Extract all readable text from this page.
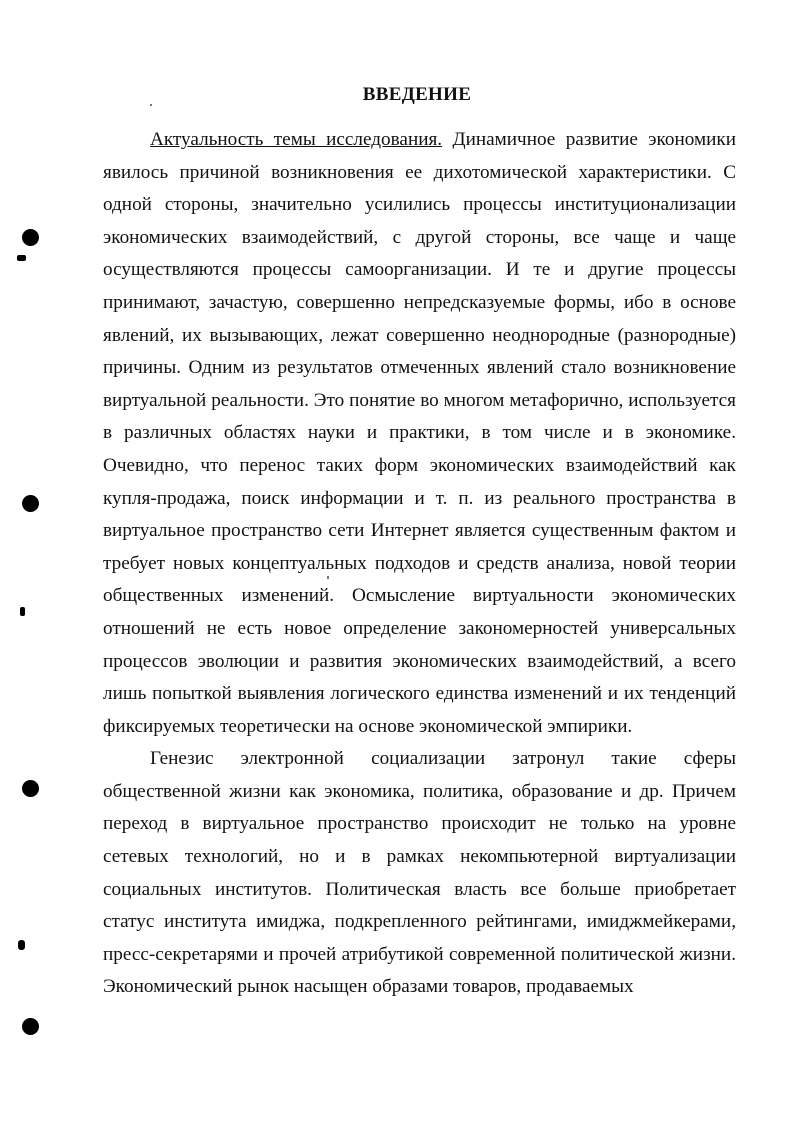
ВВЕДЕНИЕ

Актуальность темы исследования. Динамичное развитие экономики явилось причиной возникновения ее дихотомической характеристики. С одной стороны, значительно усилились процессы институционализации экономических взаимодействий, с другой стороны, все чаще и чаще осуществляются процессы самоорганизации. И те и другие процессы принимают, зачастую, совершенно непредсказуемые формы, ибо в основе явлений, их вызывающих, лежат совершенно неоднородные (разнородные) причины. Одним из результатов отмеченных явлений стало возникновение виртуальной реальности. Это понятие во многом метафорично, используется в различных областях науки и практики, в том числе и в экономике. Очевидно, что перенос таких форм экономических взаимодействий как купля-продажа, поиск информации и т. п. из реального пространства в виртуальное пространство сети Интернет является существенным фактом и требует новых концептуальных подходов и средств анализа, новой теории общественных изменений. Осмысление виртуальности экономических отношений не есть новое определение закономерностей универсальных процессов эволюции и развития экономических взаимодействий, а всего лишь попыткой выявления логического единства изменений и их тенденций фиксируемых теоретически на основе экономической эмпирики.

Генезис электронной социализации затронул такие сферы общественной жизни как экономика, политика, образование и др. Причем переход в виртуальное пространство происходит не только на уровне сетевых технологий, но и в рамках некомпьютерной виртуализации социальных институтов. Политическая власть все больше приобретает статус института имиджа, подкрепленного рейтингами, имиджмейкерами, пресс-секретарями и прочей атрибутикой современной политической жизни. Экономический рынок насыщен образами товаров, продаваемых
